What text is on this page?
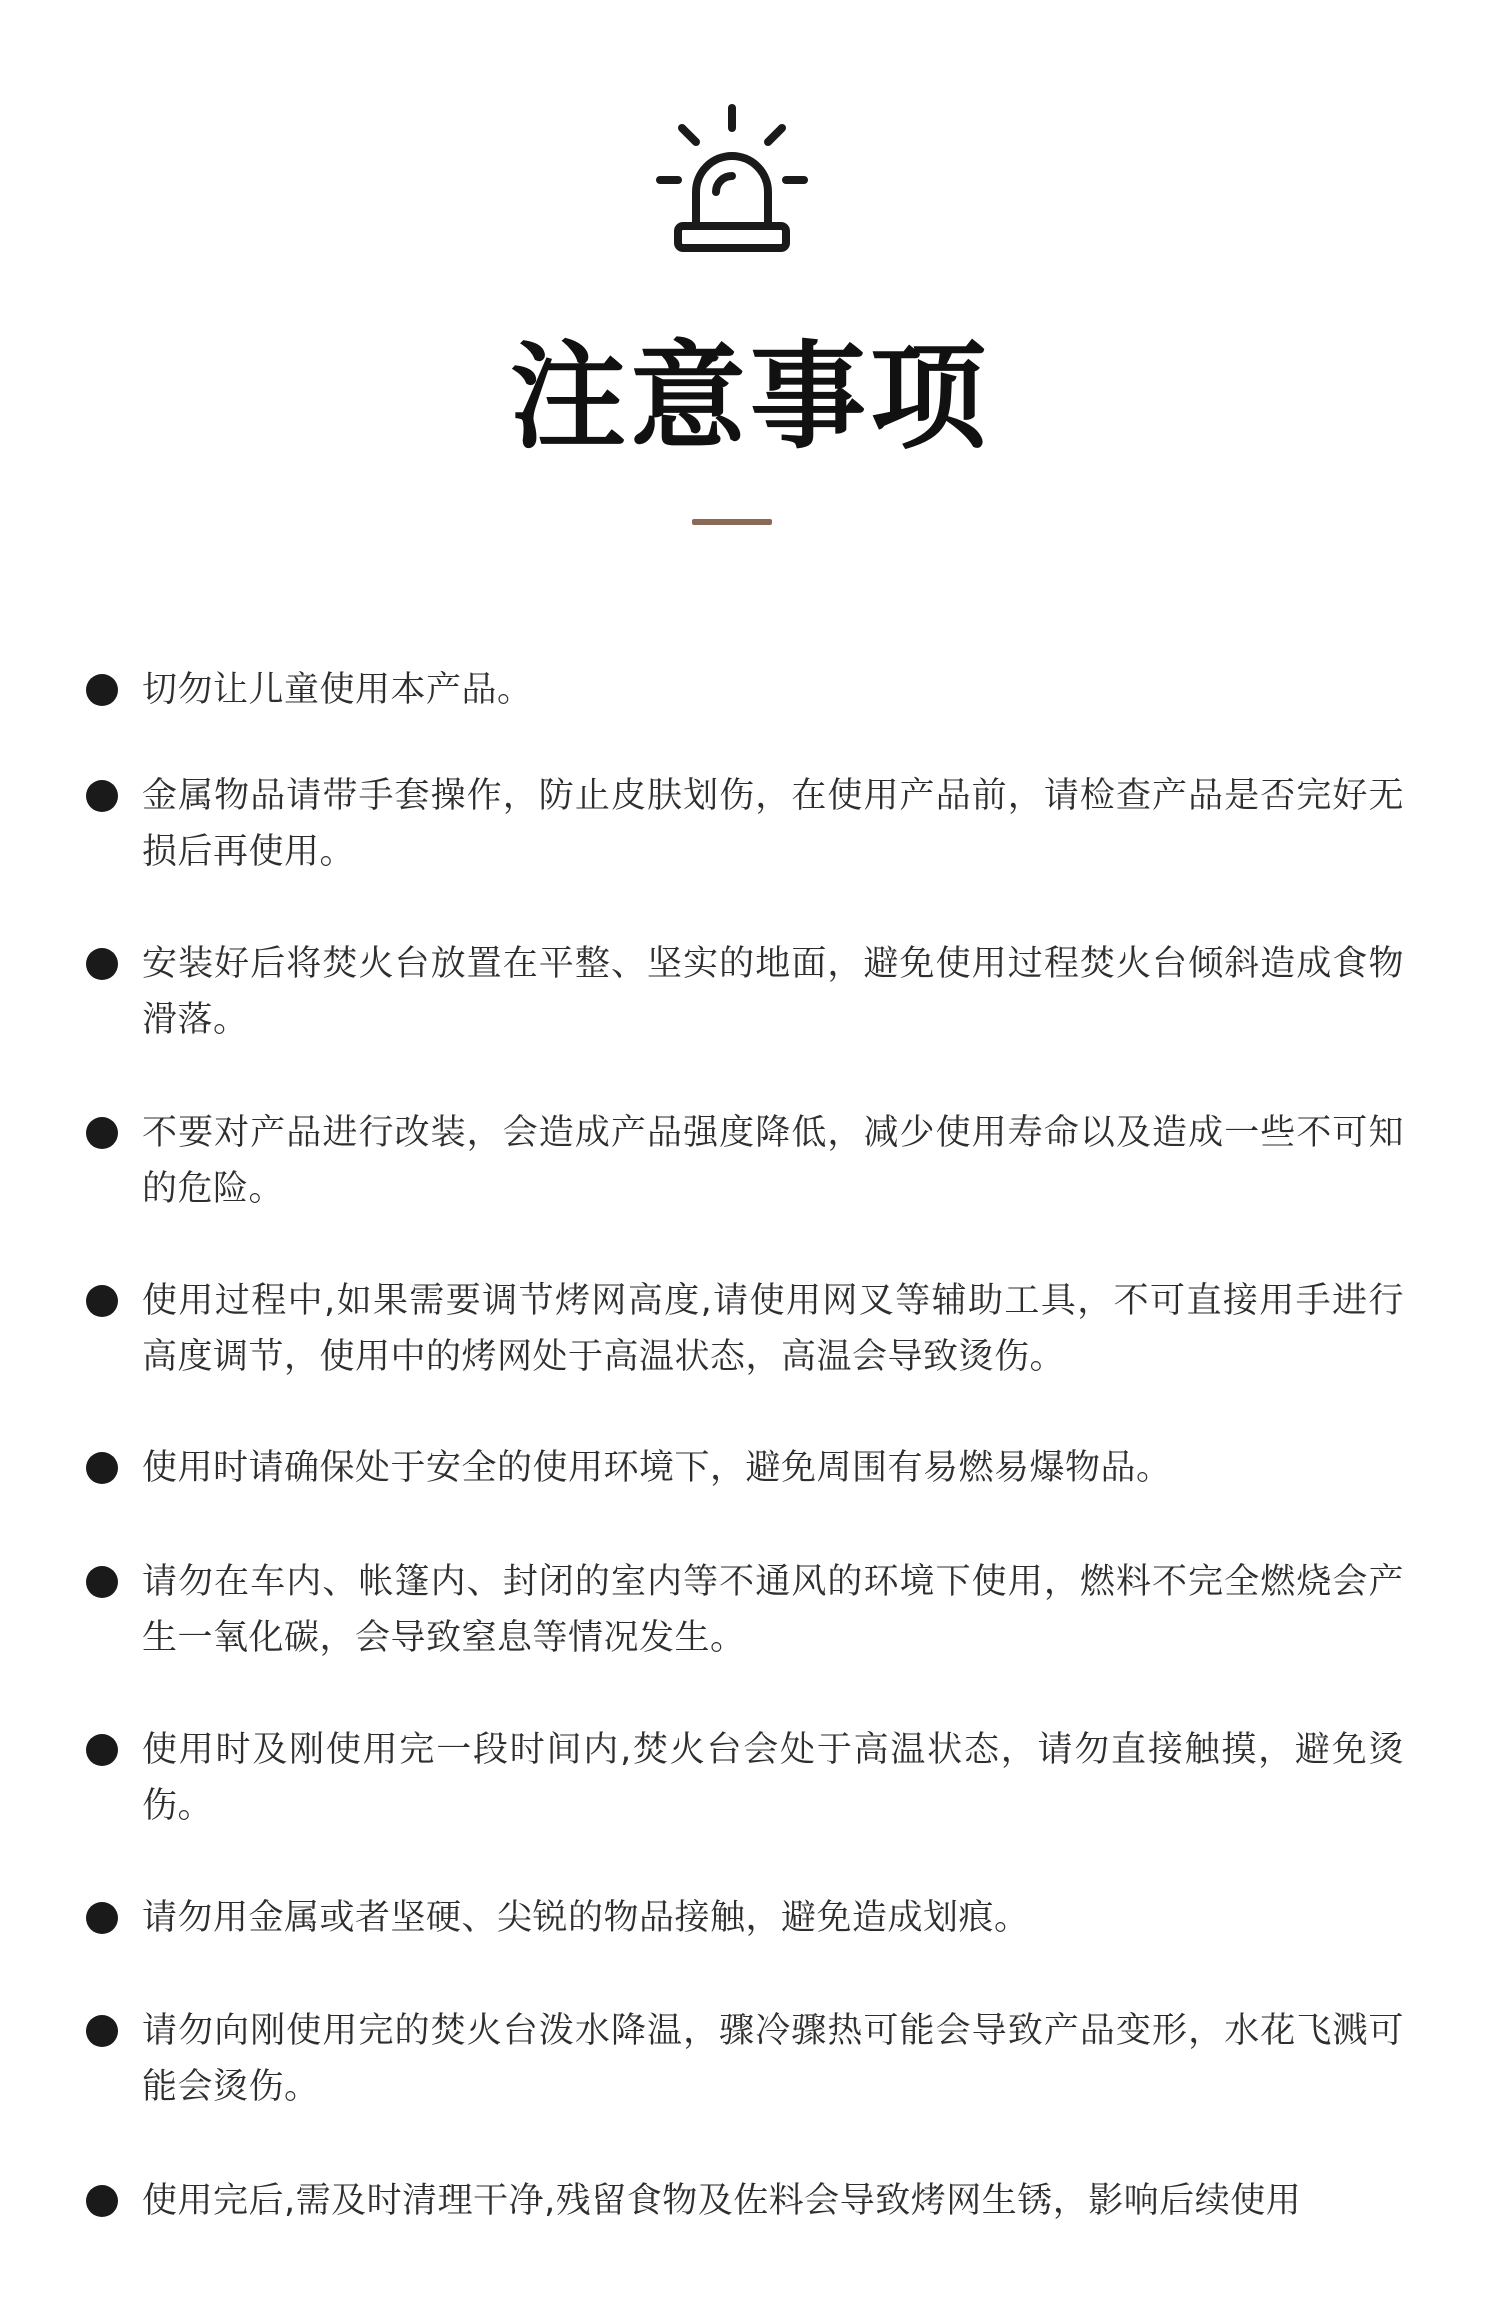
注意事项
切勿让儿童使用本产品。
金属物品请带手套操作，防止皮肤划伤，在使用产品前，请检查产品是否完好无损后再使用。
安装好后将焚火台放置在平整、坚实的地面，避免使用过程焚火台倾斜造成食物滑落。
不要对产品进行改装，会造成产品强度降低，减少使用寿命以及造成一些不可知的危险。
使用过程中,如果需要调节烤网高度,请使用网叉等辅助工具，不可直接用手进行高度调节，使用中的烤网处于高温状态，高温会导致烫伤。
使用时请确保处于安全的使用环境下，避免周围有易燃易爆物品。
请勿在车内、帐篷内、封闭的室内等不通风的环境下使用，燃料不完全燃烧会产生一氧化碳，会导致窒息等情况发生。
使用时及刚使用完一段时间内,焚火台会处于高温状态，请勿直接触摸，避免烫伤。
请勿用金属或者坚硬、尖锐的物品接触，避免造成划痕。
请勿向刚使用完的焚火台泼水降温，骤冷骤热可能会导致产品变形，水花飞溅可能会烫伤。
使用完后,需及时清理干净,残留食物及佐料会导致烤网生锈，影响后续使用
